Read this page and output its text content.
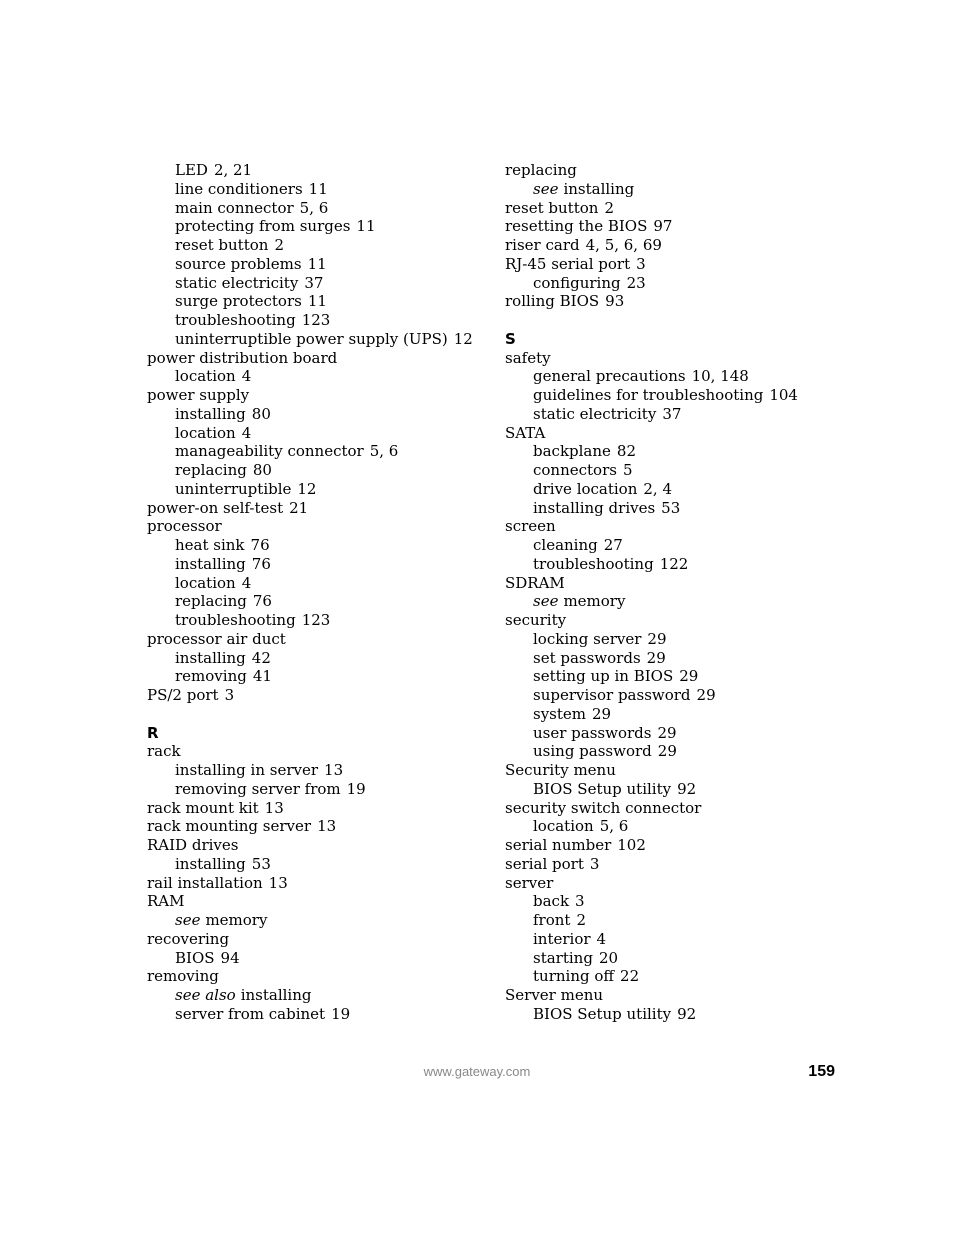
LED 2, 21
line conditioners 11
main connector 5, 6
protecting from surges 11
reset button 2
source problems 11
static electricity 37
surge protectors 11
troubleshooting 123
uninterruptible power supply (UPS) 12
power distribution board
location 4
power supply
installing 80
location 4
manageability connector 5, 6
replacing 80
uninterruptible 12
power-on self-test 21
processor
heat sink 76
installing 76
location 4
replacing 76
troubleshooting 123
processor air duct
installing 42
removing 41
PS/2 port 3
R
rack
installing in server 13
removing server from 19
rack mount kit 13
rack mounting server 13
RAID drives
installing 53
rail installation 13
RAM
see memory
recovering
BIOS 94
removing
see also installing
server from cabinet 19
replacing
see installing
reset button 2
resetting the BIOS 97
riser card 4, 5, 6, 69
RJ-45 serial port 3
configuring 23
rolling BIOS 93
S
safety
general precautions 10, 148
guidelines for troubleshooting 104
static electricity 37
SATA
backplane 82
connectors 5
drive location 2, 4
installing drives 53
screen
cleaning 27
troubleshooting 122
SDRAM
see memory
security
locking server 29
set passwords 29
setting up in BIOS 29
supervisor password 29
system 29
user passwords 29
using password 29
Security menu
BIOS Setup utility 92
security switch connector
location 5, 6
serial number 102
serial port 3
server
back 3
front 2
interior 4
starting 20
turning off 22
Server menu
BIOS Setup utility 92
www.gateway.com	159
